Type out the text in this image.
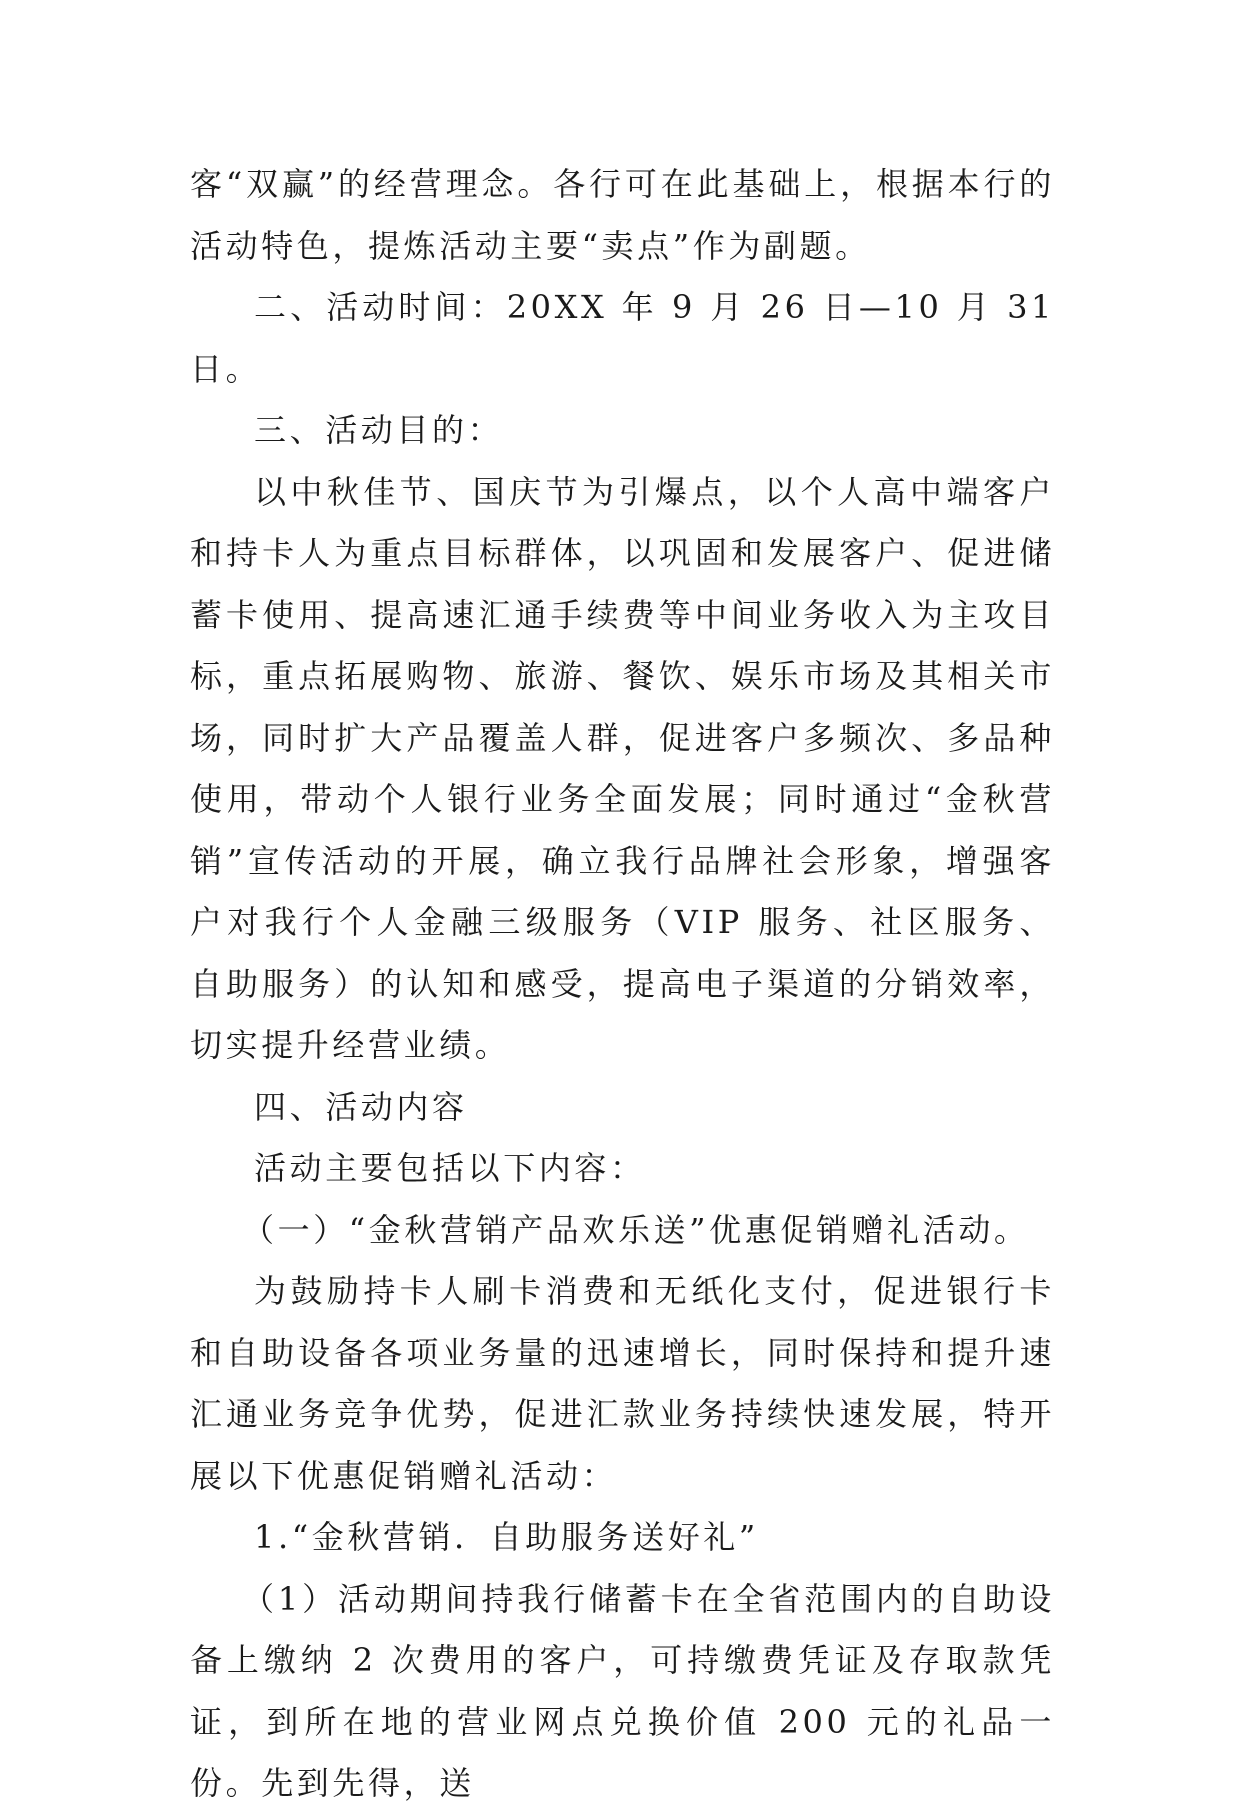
客“双赢”的经营理念。各行可在此基础上，根据本行的活动特色，提炼活动主要“卖点”作为副题。

二、活动时间：20XX 年 9 月 26 日—10 月 31 日。

三、活动目的：

以中秋佳节、国庆节为引爆点，以个人高中端客户和持卡人为重点目标群体，以巩固和发展客户、促进储蓄卡使用、提高速汇通手续费等中间业务收入为主攻目标，重点拓展购物、旅游、餐饮、娱乐市场及其相关市场，同时扩大产品覆盖人群，促进客户多频次、多品种使用，带动个人银行业务全面发展；同时通过“金秋营销”宣传活动的开展，确立我行品牌社会形象，增强客户对我行个人金融三级服务（VIP 服务、社区服务、自助服务）的认知和感受，提高电子渠道的分销效率，切实提升经营业绩。

四、活动内容

活动主要包括以下内容：

（一）“金秋营销产品欢乐送”优惠促销赠礼活动。

为鼓励持卡人刷卡消费和无纸化支付，促进银行卡和自助设备各项业务量的迅速增长，同时保持和提升速汇通业务竞争优势，促进汇款业务持续快速发展，特开展以下优惠促销赠礼活动：

1.“金秋营销．自助服务送好礼”

（1）活动期间持我行储蓄卡在全省范围内的自助设备上缴纳 2 次费用的客户，可持缴费凭证及存取款凭证，到所在地的营业网点兑换价值 200 元的礼品一份。先到先得，送
